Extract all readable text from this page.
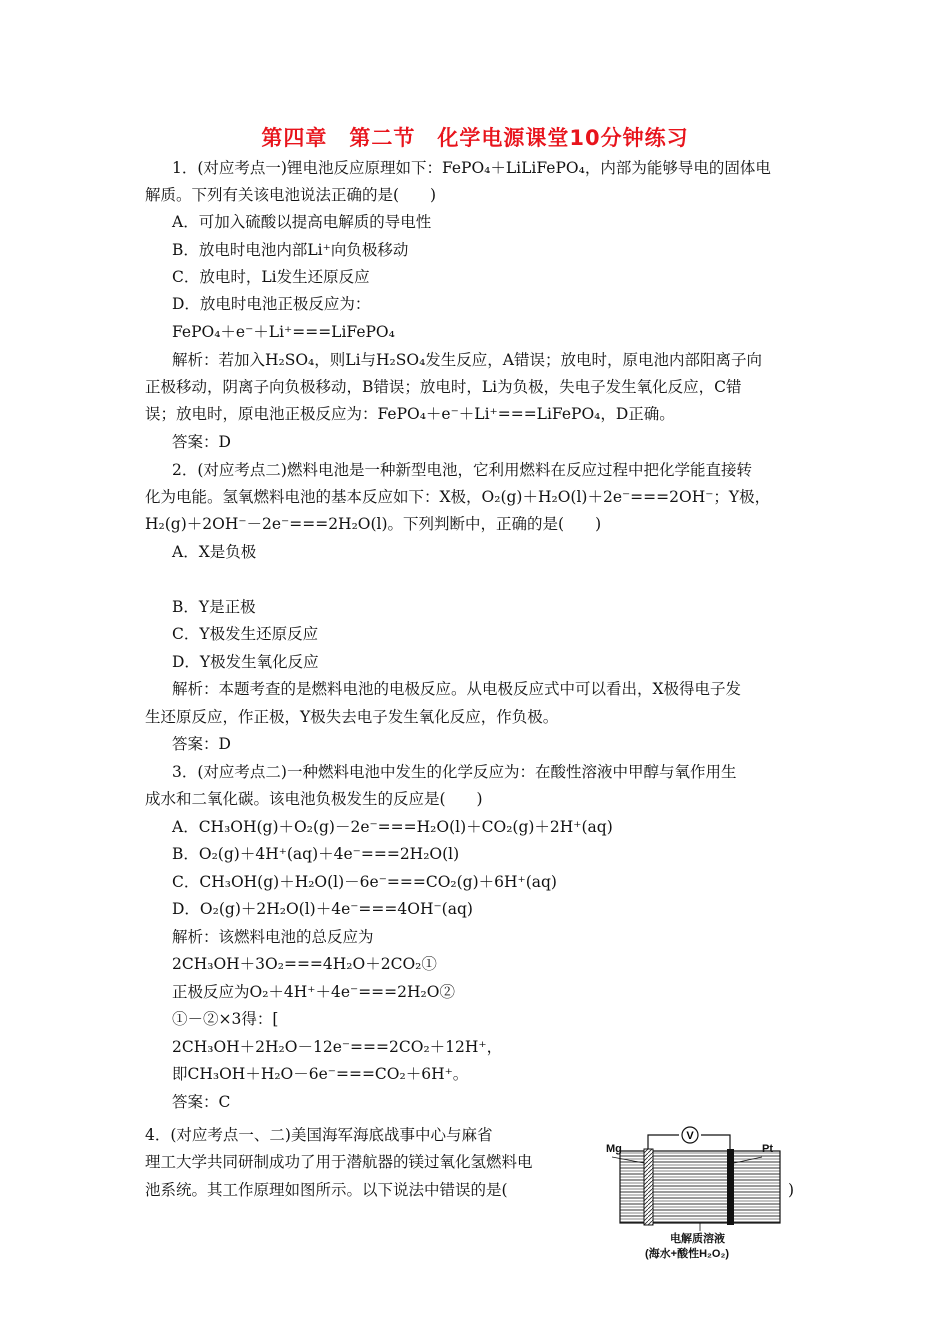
第四章　第二节　化学电源课堂10分钟练习
1．(对应考点一)锂电池反应原理如下：FePO₄＋LiLiFePO₄，内部为能够导电的固体电
解质。下列有关该电池说法正确的是(　　)
A．可加入硫酸以提高电解质的导电性
B．放电时电池内部Li⁺向负极移动
C．放电时，Li发生还原反应
D．放电时电池正极反应为：
FePO₄＋e⁻＋Li⁺===LiFePO₄
解析：若加入H₂SO₄，则Li与H₂SO₄发生反应，A错误；放电时，原电池内部阳离子向
正极移动，阴离子向负极移动，B错误；放电时，Li为负极，失电子发生氧化反应，C错
误；放电时，原电池正极反应为：FePO₄＋e⁻＋Li⁺===LiFePO₄，D正确。
答案：D
2．(对应考点二)燃料电池是一种新型电池，它利用燃料在反应过程中把化学能直接转
化为电能。氢氧燃料电池的基本反应如下：X极，O₂(g)＋H₂O(l)＋2e⁻===2OH⁻；Y极，
H₂(g)＋2OH⁻－2e⁻===2H₂O(l)。下列判断中，正确的是(　　)
A．X是负极
B．Y是正极
C．Y极发生还原反应
D．Y极发生氧化反应
解析：本题考查的是燃料电池的电极反应。从电极反应式中可以看出，X极得电子发
生还原反应，作正极，Y极失去电子发生氧化反应，作负极。
答案：D
3．(对应考点二)一种燃料电池中发生的化学反应为：在酸性溶液中甲醇与氧作用生
成水和二氧化碳。该电池负极发生的反应是(　　)
A．CH₃OH(g)＋O₂(g)－2e⁻===H₂O(l)＋CO₂(g)＋2H⁺(aq)
B．O₂(g)＋4H⁺(aq)＋4e⁻===2H₂O(l)
C．CH₃OH(g)＋H₂O(l)－6e⁻===CO₂(g)＋6H⁺(aq)
D．O₂(g)＋2H₂O(l)＋4e⁻===4OH⁻(aq)
解析：该燃料电池的总反应为
2CH₃OH＋3O₂===4H₂O＋2CO₂①
正极反应为O₂＋4H⁺＋4e⁻===2H₂O②
①－②×3得：[
2CH₃OH＋2H₂O－12e⁻===2CO₂＋12H⁺，
即CH₃OH＋H₂O－6e⁻===CO₂＋6H⁺。
答案：C
4．(对应考点一、二)美国海军海底战事中心与麻省
理工大学共同研制成功了用于潜航器的镁过氧化氢燃料电
池系统。其工作原理如图所示。以下说法中错误的是(	)
V
Mg	Pt
电解质溶液
(海水+酸性H₂O₂)
